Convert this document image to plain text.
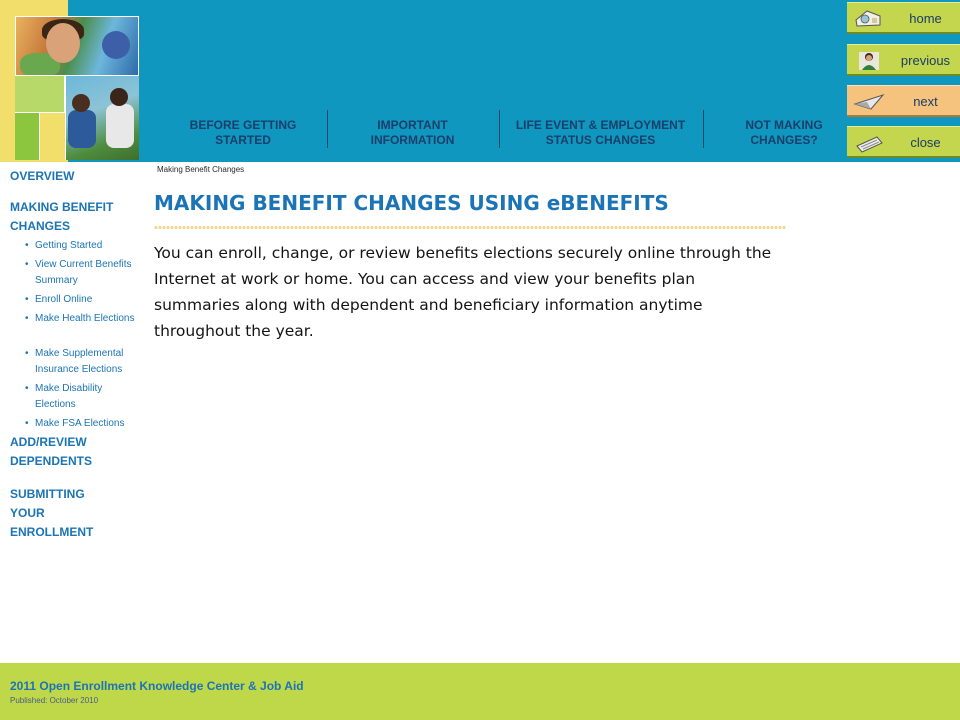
BEFORE GETTING STARTED
IMPORTANT INFORMATION
LIFE EVENT & EMPLOYMENT STATUS CHANGES
NOT MAKING CHANGES?
home
previous
next
close
OVERVIEW
MAKING BENEFIT CHANGES
• Getting Started
• View Current Benefits Summary
• Enroll Online
• Make Health Elections
• Make Supplemental Insurance Elections
• Make Disability Elections
• Make FSA Elections
ADD/REVIEW DEPENDENTS
SUBMITTING YOUR ENROLLMENT
Making Benefit Changes
MAKING BENEFIT CHANGES USING eBENEFITS
You can enroll, change, or review benefits elections securely online through the Internet at work or home. You can access and view your benefits plan summaries along with dependent and beneficiary information anytime throughout the year.
2011 Open Enrollment Knowledge Center & Job Aid
Published: October 2010
